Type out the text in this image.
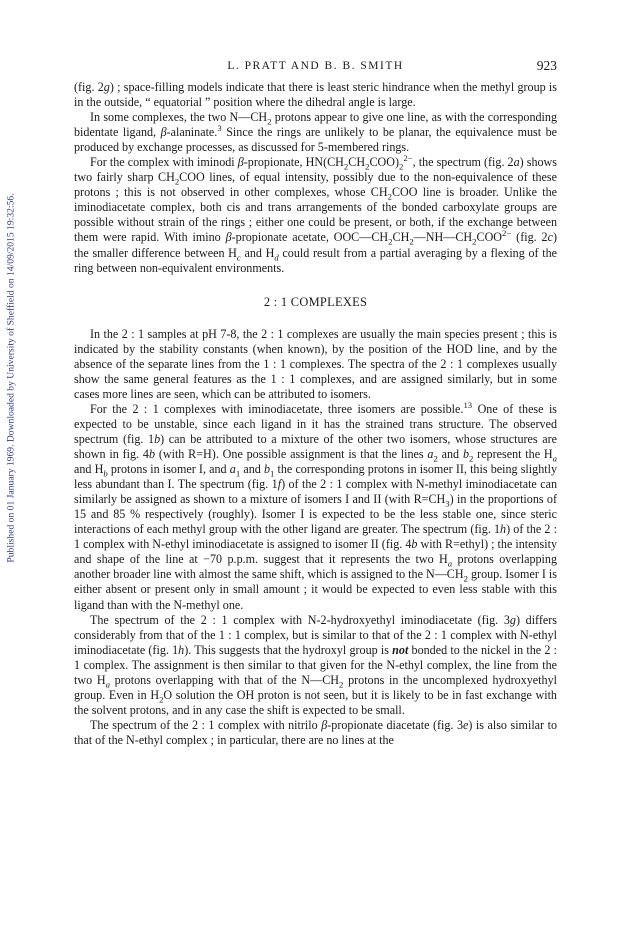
Published on 01 January 1969. Downloaded by University of Sheffield on 14/09/2015 19:32:56.
L. PRATT AND B. B. SMITH	923

(fig. 2g) ; space-filling models indicate that there is least steric hindrance when the methyl group is in the outside, “ equatorial ” position where the dihedral angle is large.

In some complexes, the two $N—CH_2$ protons appear to give one line, as with the corresponding bidentate ligand, β-alaninate.$^3$ Since the rings are unlikely to be planar, the equivalence must be produced by exchange processes, as discussed for 5-membered rings.

For the complex with iminodi β-propionate, $HN(CH_2CH_2COO)_2^{2-}$, the spectrum (fig. 2a) shows two fairly sharp $CH_2COO$ lines, of equal intensity, possibly due to the non-equivalence of these protons ; this is not observed in other complexes, whose $CH_2COO$ line is broader. Unlike the iminodiacetate complex, both cis and trans arrangements of the bonded carboxylate groups are possible without strain of the rings ; either one could be present, or both, if the exchange between them were rapid. With imino β-propionate acetate, $OOC—CH_2CH_2—NH—CH_2COO^{2-}$ (fig. 2c) the smaller difference between $H_c$ and $H_d$ could result from a partial averaging by a flexing of the ring between non-equivalent environments.

2 : 1 COMPLEXES

In the 2 : 1 samples at pH 7-8, the 2 : 1 complexes are usually the main species present ; this is indicated by the stability constants (when known), by the position of the HOD line, and by the absence of the separate lines from the 1 : 1 complexes. The spectra of the 2 : 1 complexes usually show the same general features as the 1 : 1 complexes, and are assigned similarly, but in some cases more lines are seen, which can be attributed to isomers.

For the 2 : 1 complexes with iminodiacetate, three isomers are possible.$^{13}$ One of these is expected to be unstable, since each ligand in it has the strained trans structure. The observed spectrum (fig. 1b) can be attributed to a mixture of the other two isomers, whose structures are shown in fig. 4b (with R=H). One possible assignment is that the lines $a_2$ and $b_2$ represent the $H_a$ and $H_b$ protons in isomer I, and $a_1$ and $b_1$ the corresponding protons in isomer II, this being slightly less abundant than I. The spectrum (fig. 1f) of the 2 : 1 complex with N-methyl iminodiacetate can similarly be assigned as shown to a mixture of isomers I and II (with $R=CH_3$) in the proportions of 15 and 85 % respectively (roughly). Isomer I is expected to be the less stable one, since steric interactions of each methyl group with the other ligand are greater. The spectrum (fig. 1h) of the 2 : 1 complex with N-ethyl iminodiacetate is assigned to isomer II (fig. 4b with R=ethyl) ; the intensity and shape of the line at −70 p.p.m. suggest that it represents the two $H_a$ protons overlapping another broader line with almost the same shift, which is assigned to the $N—CH_2$ group. Isomer I is either absent or present only in small amount ; it would be expected to even less stable with this ligand than with the N-methyl one.

The spectrum of the 2 : 1 complex with N-2-hydroxyethyl iminodiacetate (fig. 3g) differs considerably from that of the 1 : 1 complex, but is similar to that of the 2 : 1 complex with N-ethyl iminodiacetate (fig. 1h). This suggests that the hydroxyl group is not bonded to the nickel in the 2 : 1 complex. The assignment is then similar to that given for the N-ethyl complex, the line from the two $H_a$ protons overlapping with that of the $N—CH_2$ protons in the uncomplexed hydroxyethyl group. Even in $H_2O$ solution the OH proton is not seen, but it is likely to be in fast exchange with the solvent protons, and in any case the shift is expected to be small.

The spectrum of the 2 : 1 complex with nitrilo β-propionate diacetate (fig. 3e) is also similar to that of the N-ethyl complex ; in particular, there are no lines at the
